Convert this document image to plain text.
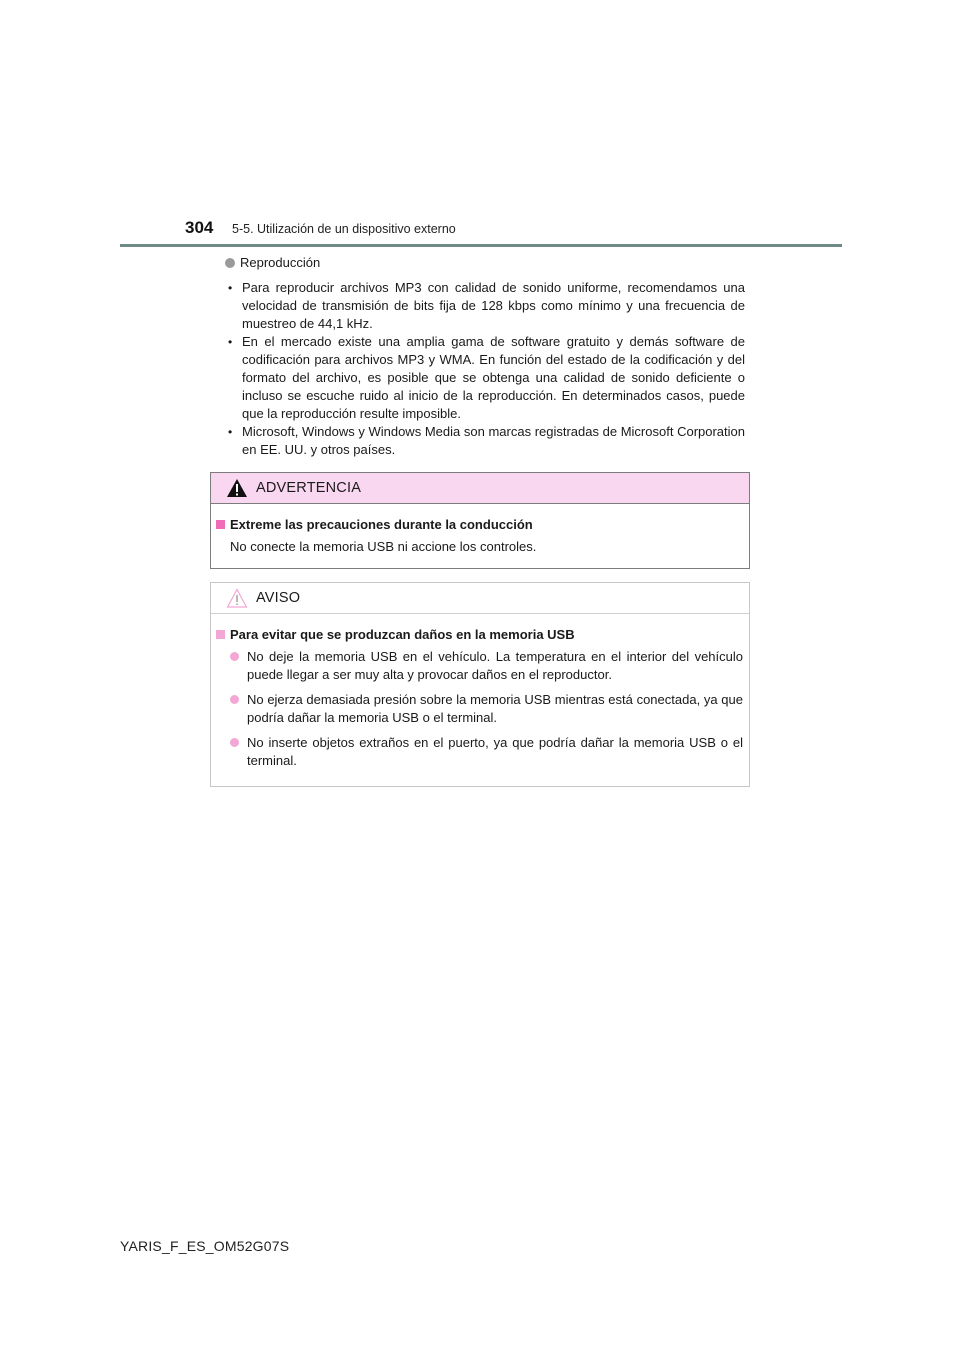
304 5-5. Utilización de un dispositivo externo
Reproducción
• Para reproducir archivos MP3 con calidad de sonido uniforme, recomendamos una velocidad de transmisión de bits fija de 128 kbps como mínimo y una frecuencia de muestreo de 44,1 kHz.
• En el mercado existe una amplia gama de software gratuito y demás software de codificación para archivos MP3 y WMA. En función del estado de la codificación y del formato del archivo, es posible que se obtenga una calidad de sonido deficiente o incluso se escuche ruido al inicio de la reproducción. En determinados casos, puede que la reproducción resulte imposible.
• Microsoft, Windows y Windows Media son marcas registradas de Microsoft Corporation en EE. UU. y otros países.
ADVERTENCIA
Extreme las precauciones durante la conducción
No conecte la memoria USB ni accione los controles.
AVISO
Para evitar que se produzcan daños en la memoria USB
No deje la memoria USB en el vehículo. La temperatura en el interior del vehículo puede llegar a ser muy alta y provocar daños en el reproductor.
No ejerza demasiada presión sobre la memoria USB mientras está conectada, ya que podría dañar la memoria USB o el terminal.
No inserte objetos extraños en el puerto, ya que podría dañar la memoria USB o el terminal.
YARIS_F_ES_OM52G07S
